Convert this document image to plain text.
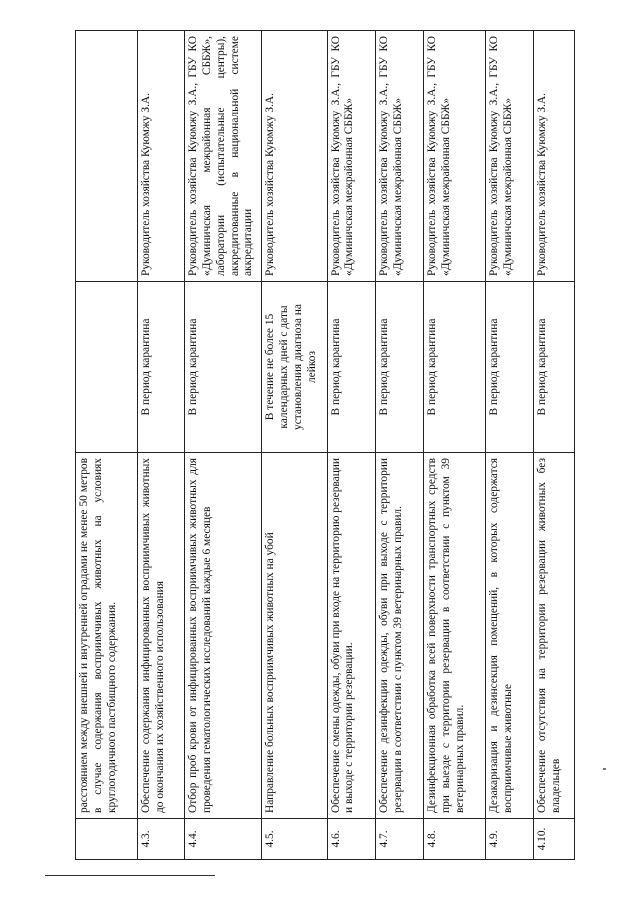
	расстоянием между внешней и внутренней оградами не менее 50 метров в случае содержания восприимчивых животных на условиях круглогодичного пастбищного содержания.		
4.3.	Обеспечение содержания инфицированных восприимчивых животных до окончания их хозяйственного использования	В период карантина	Руководитель хозяйства Куюмжу З.А.
4.4.	Отбор проб крови от инфицированных восприимчивых животных для проведения гематологических исследований каждые 6 месяцев	В период карантина	Руководитель хозяйства Куюмжу З.А., ГБУ КО «Думиничская межрайонная СББЖ», лаборатории (испытательные центры), аккредитованные в национальной системе аккредитации
4.5.	Направление больных восприимчивых животных на убой	В течение не более 15 календарных дней с даты установления диагноза на лейкоз	Руководитель хозяйства Куюмжу З.А.
4.6.	Обеспечение смены одежды, обуви при входе на территорию резервации и выходе с территории резервации.	В период карантина	Руководитель хозяйства Куюмжу З.А., ГБУ КО «Думиничская межрайонная СББЖ»
4.7.	Обеспечение дезинфекции одежды, обуви при выходе с территории резервации в соответствии с пунктом 39 ветеринарных правил.	В период карантина	Руководитель хозяйства Куюмжу З.А., ГБУ КО «Думиничская межрайонная СББЖ»
4.8.	Дезинфекционная обработка всей поверхности транспортных средств при выезде с территории резервации в соответствии с пунктом 39 ветеринарных правил.	В период карантина	Руководитель хозяйства Куюмжу З.А., ГБУ КО «Думиничская межрайонная СББЖ»
4.9.	Дезакаризация и дезинсекция помещений, в которых содержатся восприимчивые животные	В период карантина	Руководитель хозяйства Куюмжу З.А., ГБУ КО «Думиничская межрайонная СББЖ»
4.10.	Обеспечение отсутствия на территории резервации животных без владельцев	В период карантина	Руководитель хозяйства Куюмжу З.А.
